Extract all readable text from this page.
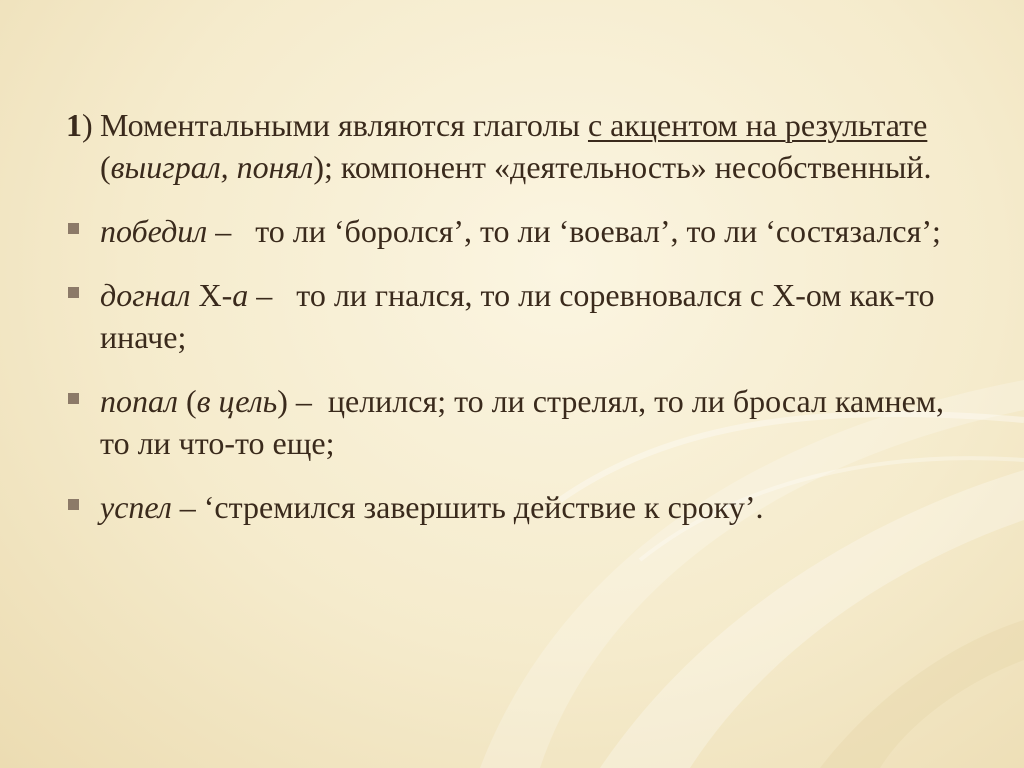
1) Моментальными являются глаголы с акцентом на результате (выиграл, понял); компонент «деятельность» несобственный.
победил –   то ли ‘боролся’, то ли ‘воевал’, то ли ‘состязался’;
догнал Х-а –   то ли гнался, то ли соревновался с Х-ом как-то иначе;
попал (в цель) –  целился; то ли стрелял, то ли бросал камнем, то ли что-то еще;
успел – ‘стремился завершить действие к сроку’.
